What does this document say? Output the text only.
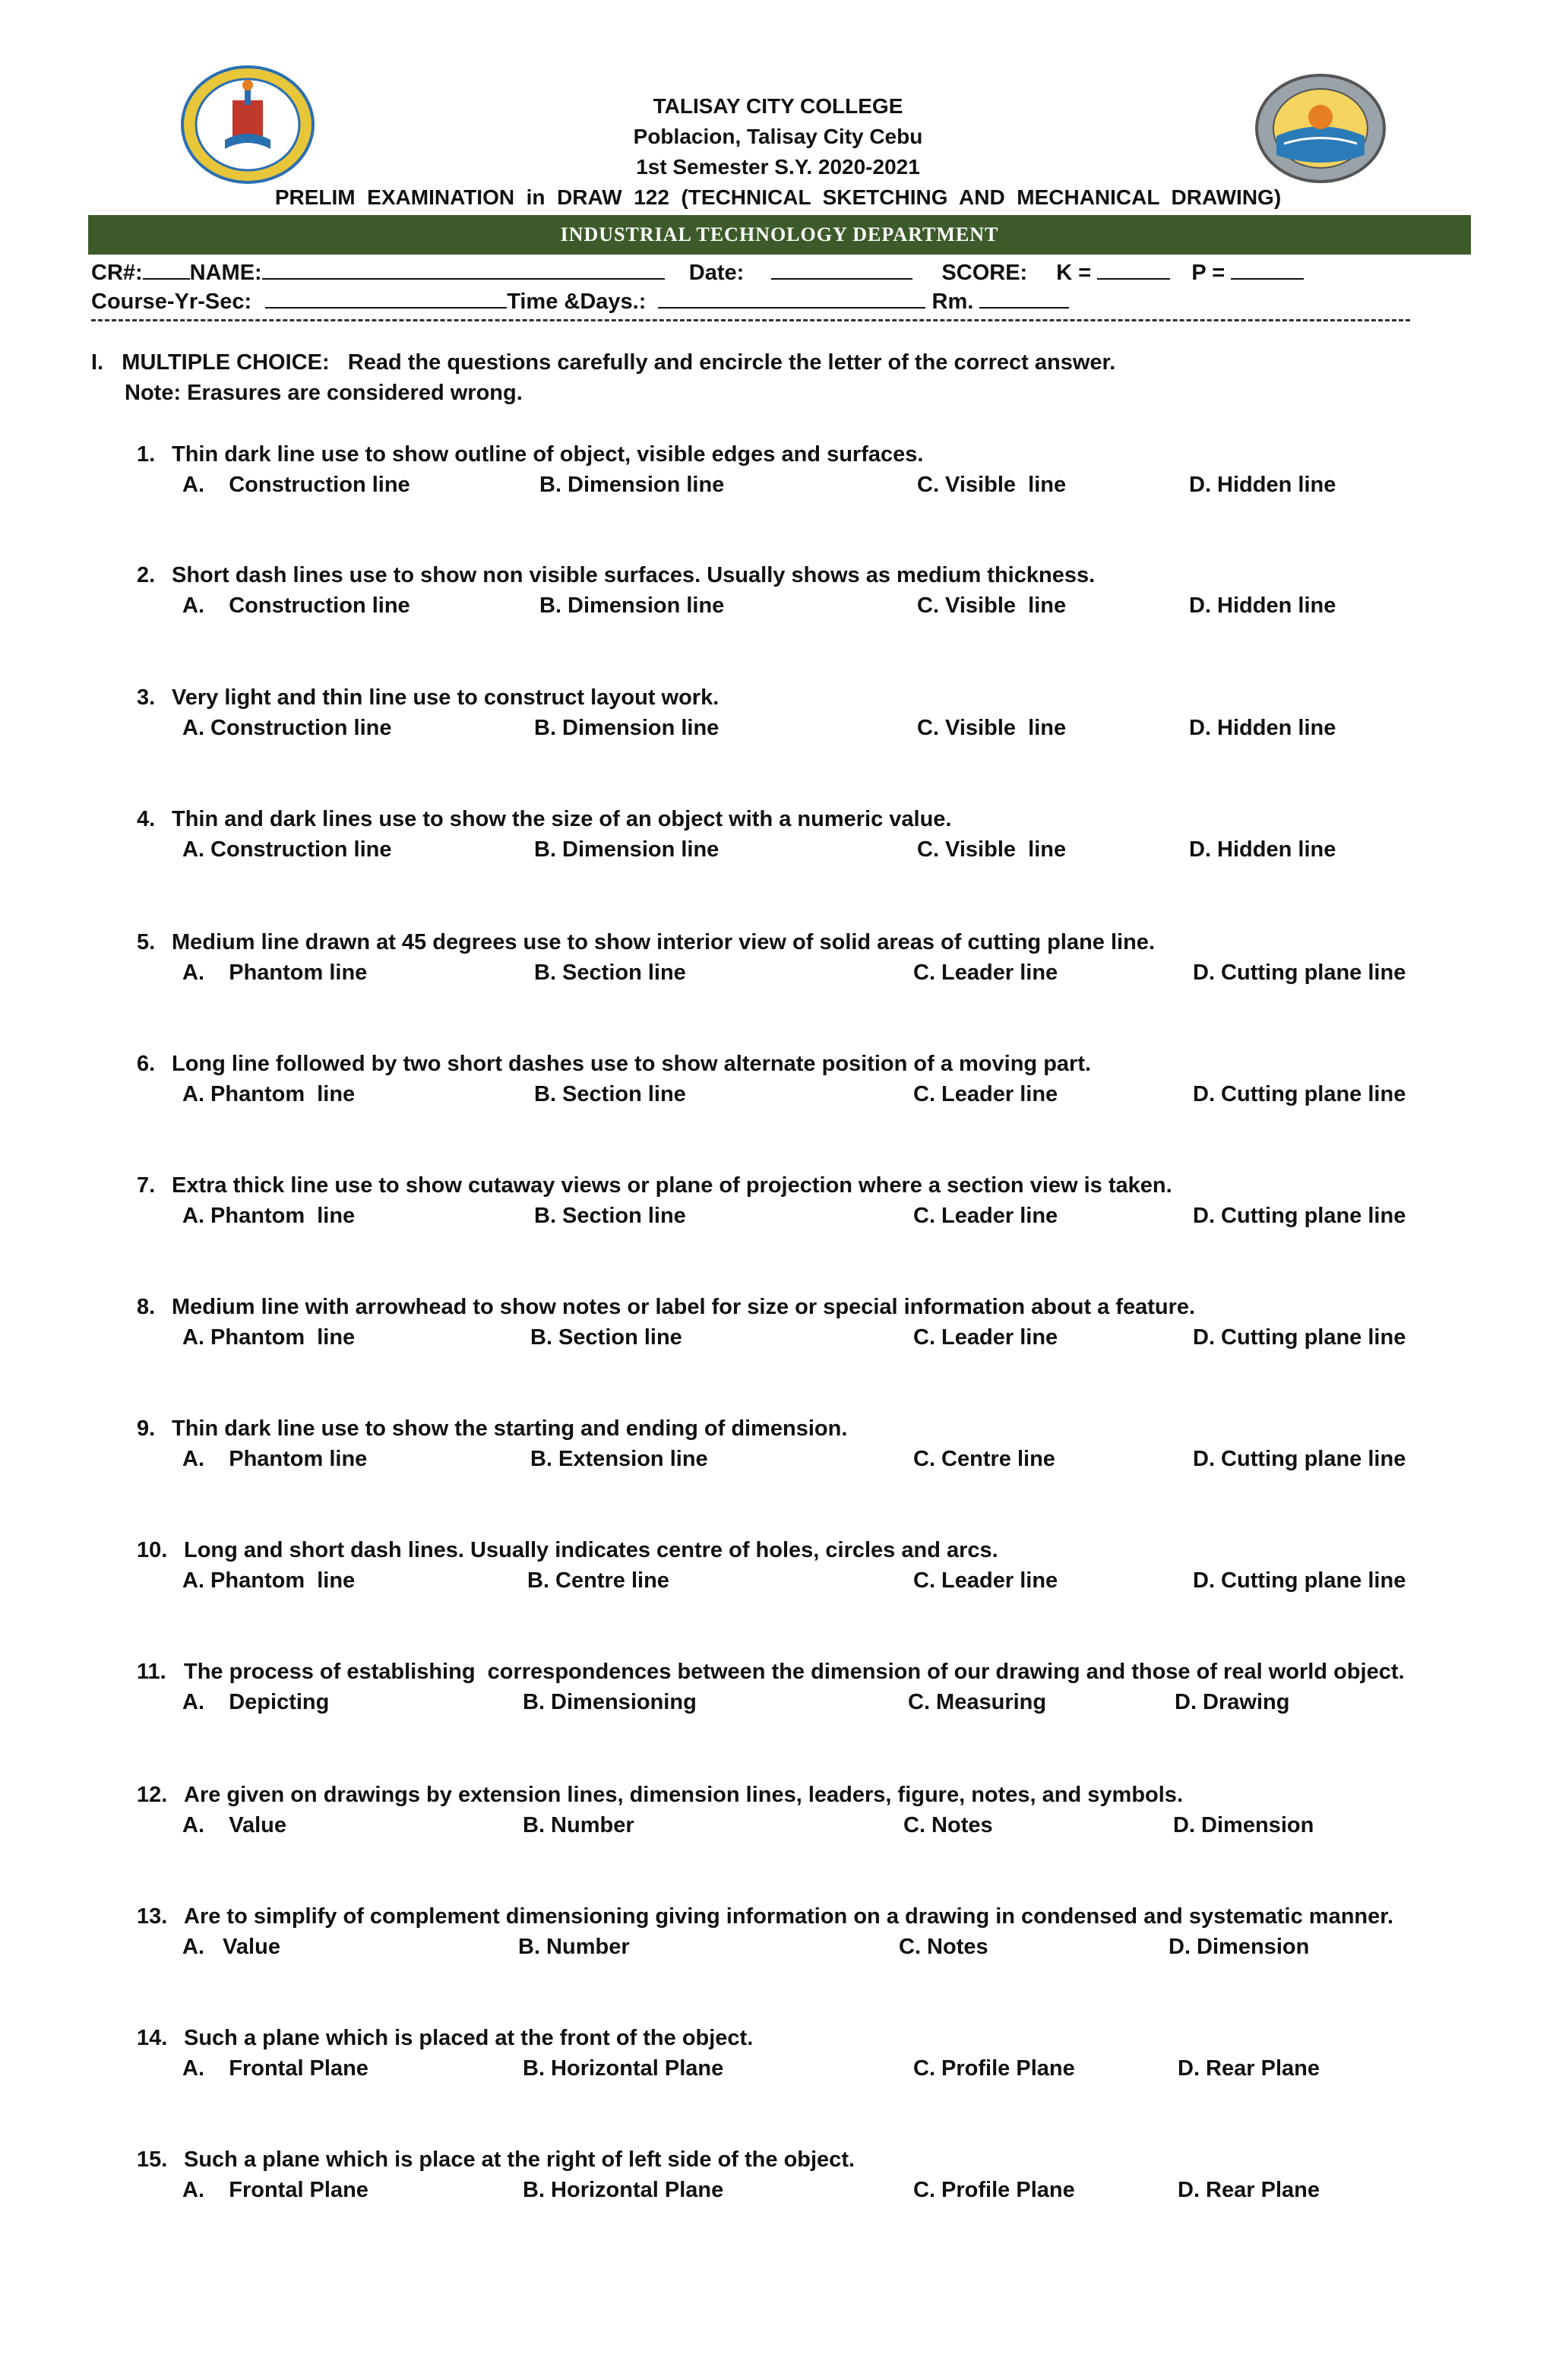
TALISAY CITY COLLEGE
Poblacion, Talisay City Cebu
1st Semester S.Y. 2020-2021
PRELIM  EXAMINATION  in  DRAW  122  (TECHNICAL  SKETCHING  AND  MECHANICAL  DRAWING)
INDUSTRIAL TECHNOLOGY DEPARTMENT
CR#: NAME:	Date:	SCORE: K =	P =
Course-Yr-Sec:	Time &Days.:	Rm.
I.   MULTIPLE CHOICE:   Read the questions carefully and encircle the letter of the correct answer.
Note: Erasures are considered wrong.
1. Thin dark line use to show outline of object, visible edges and surfaces.
A.    Construction line	B. Dimension line	C. Visible  line	D. Hidden line
2. Short dash lines use to show non visible surfaces. Usually shows as medium thickness.
A.    Construction line	B. Dimension line	C. Visible  line	D. Hidden line
3. Very light and thin line use to construct layout work.
A. Construction line	B. Dimension line	C. Visible  line	D. Hidden line
4. Thin and dark lines use to show the size of an object with a numeric value.
A. Construction line	B. Dimension line	C. Visible  line	D. Hidden line
5. Medium line drawn at 45 degrees use to show interior view of solid areas of cutting plane line.
A.    Phantom line	B. Section line	C. Leader line	D. Cutting plane line
6. Long line followed by two short dashes use to show alternate position of a moving part.
A. Phantom  line	B. Section line	C. Leader line	D. Cutting plane line
7. Extra thick line use to show cutaway views or plane of projection where a section view is taken.
A. Phantom  line	B. Section line	C. Leader line	D. Cutting plane line
8. Medium line with arrowhead to show notes or label for size or special information about a feature.
A. Phantom  line	B. Section line	C. Leader line	D. Cutting plane line
9. Thin dark line use to show the starting and ending of dimension.
A.    Phantom line	B. Extension line	C. Centre line	D. Cutting plane line
10. Long and short dash lines. Usually indicates centre of holes, circles and arcs.
A. Phantom  line	B. Centre line	C. Leader line	D. Cutting plane line
11. The process of establishing  correspondences between the dimension of our drawing and those of real world object.
A.    Depicting	B. Dimensioning	C. Measuring	D. Drawing
12. Are given on drawings by extension lines, dimension lines, leaders, figure, notes, and symbols.
A.    Value	B. Number	C. Notes	D. Dimension
13. Are to simplify of complement dimensioning giving information on a drawing in condensed and systematic manner.
A.   Value	B. Number	C. Notes	D. Dimension
14. Such a plane which is placed at the front of the object.
A.    Frontal Plane	B. Horizontal Plane	C. Profile Plane	D. Rear Plane
15. Such a plane which is place at the right of left side of the object.
A.    Frontal Plane	B. Horizontal Plane	C. Profile Plane	D. Rear Plane
